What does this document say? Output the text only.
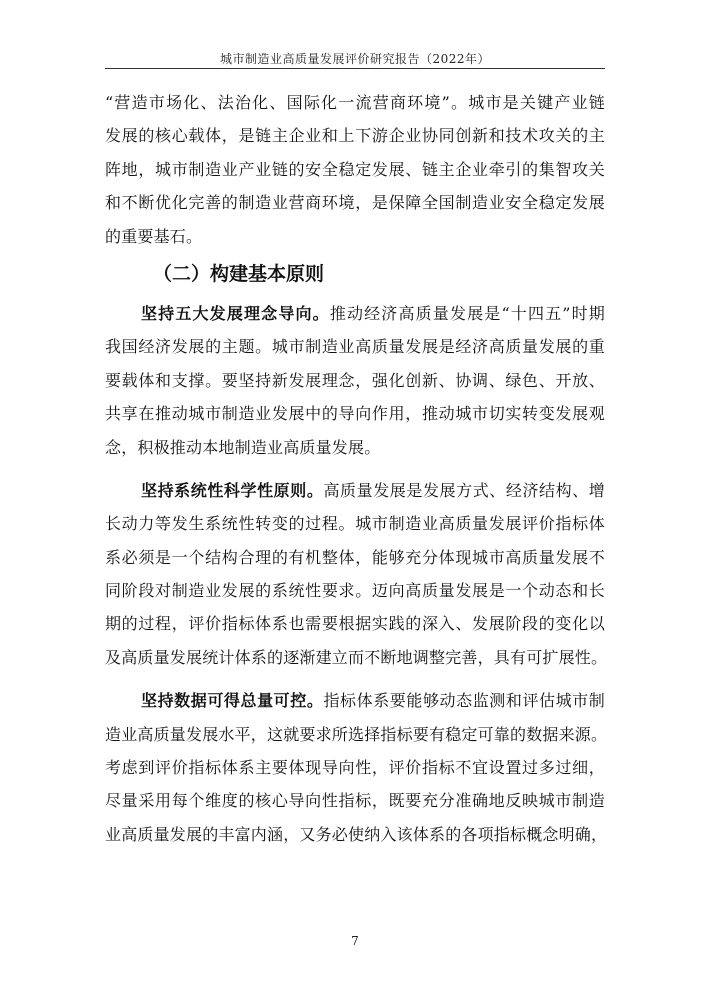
城市制造业高质量发展评价研究报告（2022年）
“营造市场化、法治化、国际化一流营商环境”。城市是关键产业链
发展的核心载体，是链主企业和上下游企业协同创新和技术攻关的主
阵地，城市制造业产业链的安全稳定发展、链主企业牵引的集智攻关
和不断优化完善的制造业营商环境，是保障全国制造业安全稳定发展
的重要基石。
（二）构建基本原则
坚持五大发展理念导向。推动经济高质量发展是“十四五”时期
我国经济发展的主题。城市制造业高质量发展是经济高质量发展的重
要载体和支撑。要坚持新发展理念，强化创新、协调、绿色、开放、
共享在推动城市制造业发展中的导向作用，推动城市切实转变发展观
念，积极推动本地制造业高质量发展。
坚持系统性科学性原则。高质量发展是发展方式、经济结构、增
长动力等发生系统性转变的过程。城市制造业高质量发展评价指标体
系必须是一个结构合理的有机整体，能够充分体现城市高质量发展不
同阶段对制造业发展的系统性要求。迈向高质量发展是一个动态和长
期的过程，评价指标体系也需要根据实践的深入、发展阶段的变化以
及高质量发展统计体系的逐渐建立而不断地调整完善，具有可扩展性。
坚持数据可得总量可控。指标体系要能够动态监测和评估城市制
造业高质量发展水平，这就要求所选择指标要有稳定可靠的数据来源。
考虑到评价指标体系主要体现导向性，评价指标不宜设置过多过细，
尽量采用每个维度的核心导向性指标，既要充分准确地反映城市制造
业高质量发展的丰富内涵，又务必使纳入该体系的各项指标概念明确，
7
